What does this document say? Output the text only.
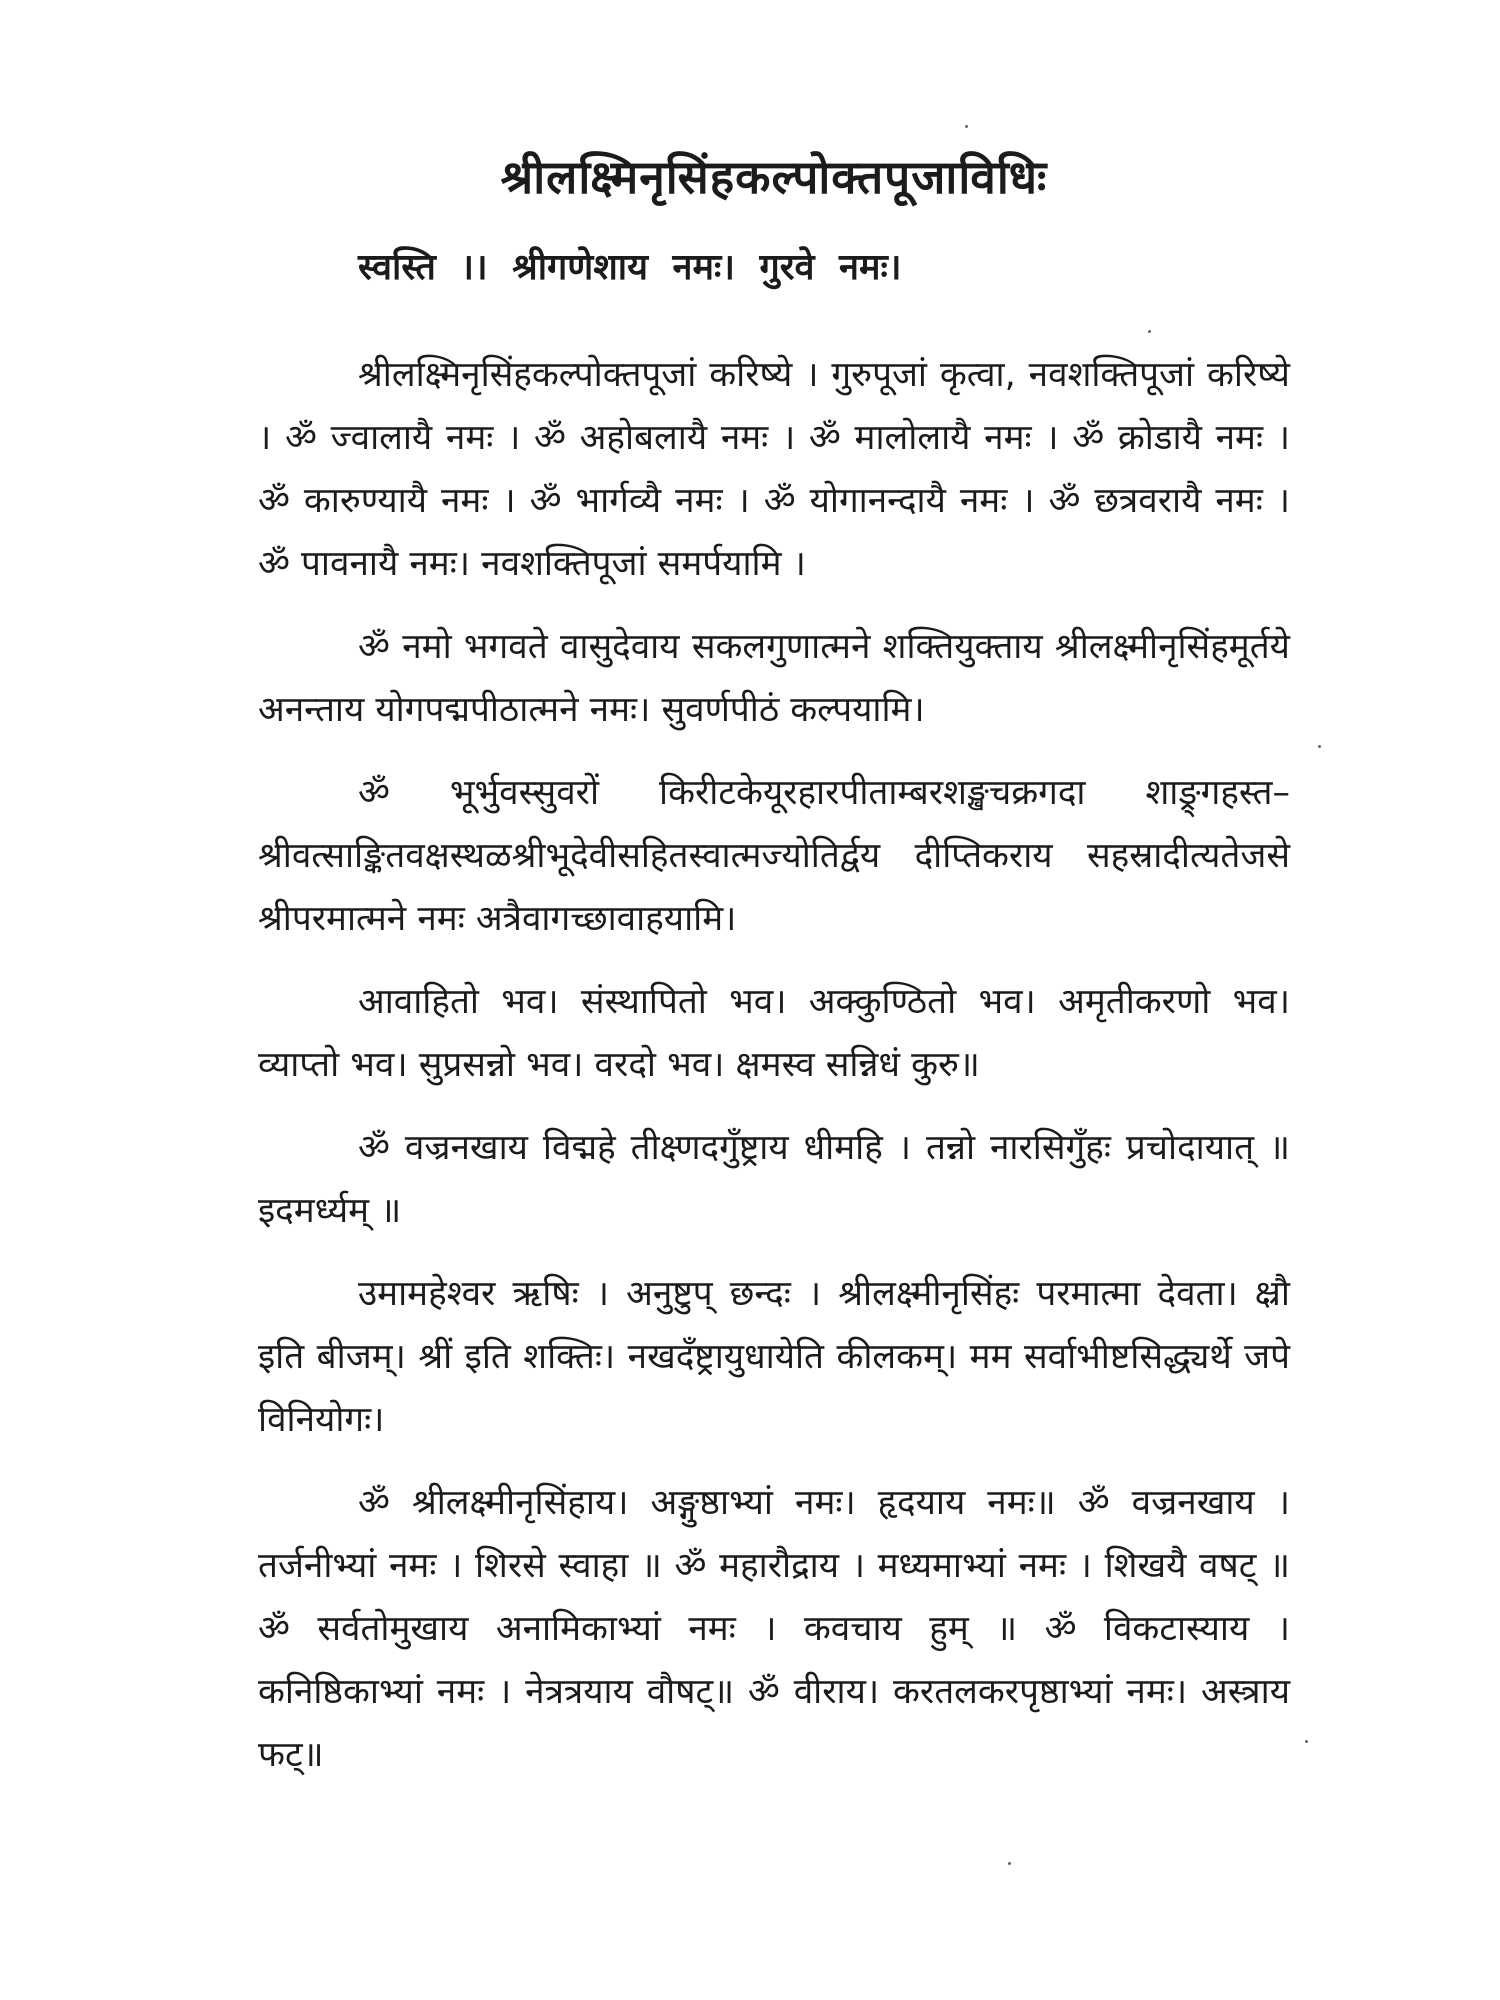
श्रीलक्ष्मिनृसिंहकल्पोक्तपूजाविधिः
स्वस्ति ।। श्रीगणेशाय नमः। गुरवे नमः।

श्रीलक्ष्मिनृसिंहकल्पोक्तपूजां करिष्ये । गुरुपूजां कृत्वा, नवशक्तिपूजां करिष्ये । ॐ ज्वालायै नमः । ॐ अहोबलायै नमः । ॐ मालोलायै नमः । ॐ क्रोडायै नमः । ॐ कारुण्यायै नमः । ॐ भार्गव्यै नमः । ॐ योगानन्दायै नमः । ॐ छत्रवरायै नमः । ॐ पावनायै नमः। नवशक्तिपूजां समर्पयामि ।

ॐ नमो भगवते वासुदेवाय सकलगुणात्मने शक्तियुक्ताय श्रीलक्ष्मीनृसिंहमूर्तये अनन्ताय योगपद्मपीठात्मने नमः। सुवर्णपीठं कल्पयामि।

ॐ भूर्भुवस्सुवरों किरीटकेयूरहारपीताम्बरशङ्खचक्रगदा शाङ्र्गहस्त– श्रीवत्साङ्कितवक्षस्थळश्रीभूदेवीसहितस्वात्मज्योतिर्द्वय दीप्तिकराय सहस्रादीत्यतेजसे श्रीपरमात्मने नमः अत्रैवागच्छावाहयामि।

आवाहितो भव। संस्थापितो भव। अक्कुण्ठितो भव। अमृतीकरणो भव। व्याप्तो भव। सुप्रसन्नो भव। वरदो भव। क्षमस्व सन्निधं कुरु॥

ॐ वज्रनखाय विद्महे तीक्ष्णदगुँष्ट्राय धीमहि । तन्नो नारसिगुँहः प्रचोदायात् ॥ इदमर्ध्यम् ॥

उमामहेश्वर ऋषिः । अनुष्टुप् छन्दः । श्रीलक्ष्मीनृसिंहः परमात्मा देवता। क्ष्रौ इति बीजम्। श्रीं इति शक्तिः। नखदँष्ट्रायुधायेति कीलकम्। मम सर्वाभीष्टसिद्ध्यर्थे जपे विनियोगः।

ॐ श्रीलक्ष्मीनृसिंहाय। अङ्गुष्ठाभ्यां नमः। हृदयाय नमः॥ ॐ वज्रनखाय । तर्जनीभ्यां नमः । शिरसे स्वाहा ॥ ॐ महारौद्राय । मध्यमाभ्यां नमः । शिखयै वषट् ॥ ॐ सर्वतोमुखाय अनामिकाभ्यां नमः । कवचाय हुम् ॥ ॐ विकटास्याय । कनिष्ठिकाभ्यां नमः । नेत्रत्रयाय वौषट्॥ ॐ वीराय। करतलकरपृष्ठाभ्यां नमः। अस्त्राय फट्॥
